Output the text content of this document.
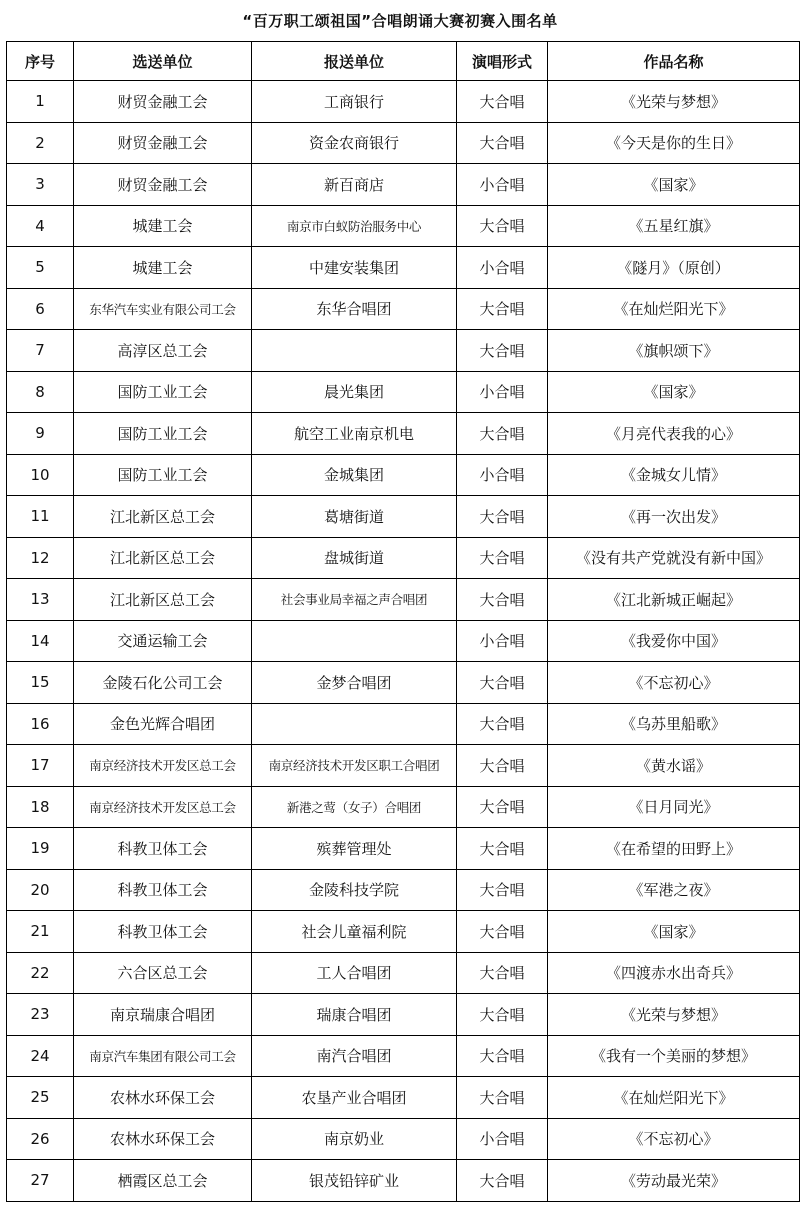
“百万职工颂祖国”合唱朗诵大赛初赛入围名单
序号	选送单位	报送单位	演唱形式	作品名称
1	财贸金融工会	工商银行	大合唱	《光荣与梦想》
2	财贸金融工会	资金农商银行	大合唱	《今天是你的生日》
3	财贸金融工会	新百商店	小合唱	《国家》
4	城建工会	南京市白蚁防治服务中心	大合唱	《五星红旗》
5	城建工会	中建安装集团	小合唱	《隧月》（原创）
6	东华汽车实业有限公司工会	东华合唱团	大合唱	《在灿烂阳光下》
7	高淳区总工会		大合唱	《旗帜颂下》
8	国防工业工会	晨光集团	小合唱	《国家》
9	国防工业工会	航空工业南京机电	大合唱	《月亮代表我的心》
10	国防工业工会	金城集团	小合唱	《金城女儿情》
11	江北新区总工会	葛塘街道	大合唱	《再一次出发》
12	江北新区总工会	盘城街道	大合唱	《没有共产党就没有新中国》
13	江北新区总工会	社会事业局幸福之声合唱团	大合唱	《江北新城正崛起》
14	交通运输工会		小合唱	《我爱你中国》
15	金陵石化公司工会	金梦合唱团	大合唱	《不忘初心》
16	金色光辉合唱团		大合唱	《乌苏里船歌》
17	南京经济技术开发区总工会	南京经济技术开发区职工合唱团	大合唱	《黄水谣》
18	南京经济技术开发区总工会	新港之莺（女子）合唱团	大合唱	《日月同光》
19	科教卫体工会	殡葬管理处	大合唱	《在希望的田野上》
20	科教卫体工会	金陵科技学院	大合唱	《军港之夜》
21	科教卫体工会	社会儿童福利院	大合唱	《国家》
22	六合区总工会	工人合唱团	大合唱	《四渡赤水出奇兵》
23	南京瑞康合唱团	瑞康合唱团	大合唱	《光荣与梦想》
24	南京汽车集团有限公司工会	南汽合唱团	大合唱	《我有一个美丽的梦想》
25	农林水环保工会	农垦产业合唱团	大合唱	《在灿烂阳光下》
26	农林水环保工会	南京奶业	小合唱	《不忘初心》
27	栖霞区总工会	银茂铅锌矿业	大合唱	《劳动最光荣》
